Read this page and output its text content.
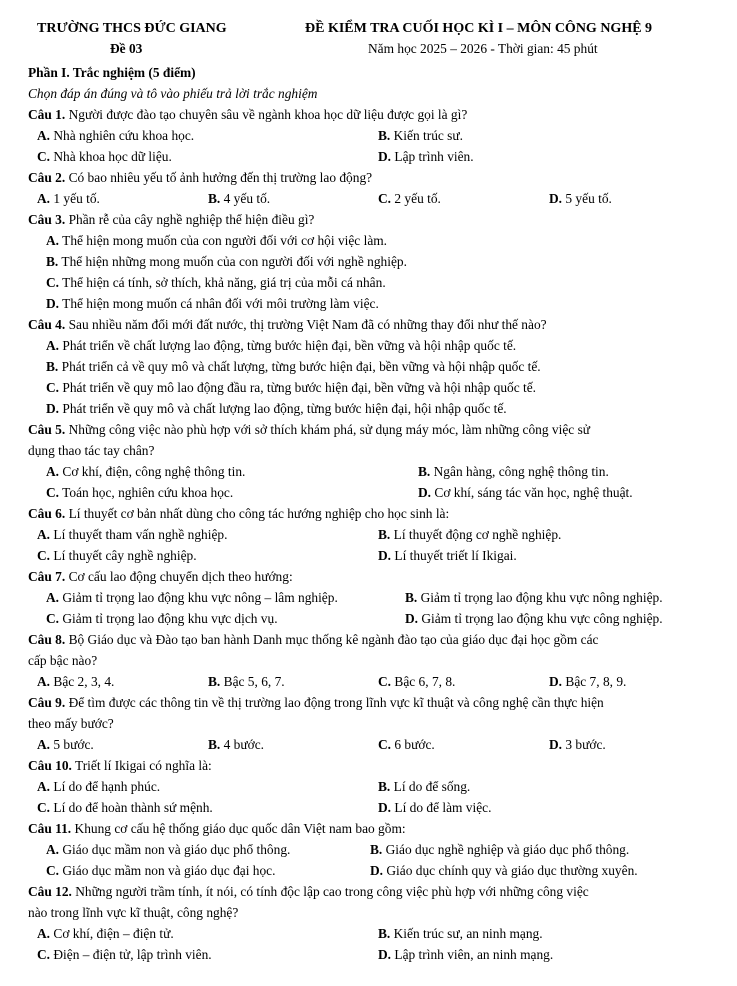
TRƯỜNG THCS ĐỨC GIANG	ĐỀ KIỂM TRA CUỐI HỌC KÌ I – MÔN CÔNG NGHỆ 9
Đề 03	Năm học 2025 – 2026 - Thời gian: 45 phút
Phần I. Trắc nghiệm (5 điểm)
Chọn đáp án đúng và tô vào phiếu trả lời trắc nghiệm
Câu 1. Người được đào tạo chuyên sâu về ngành khoa học dữ liệu được gọi là gì?
A. Nhà nghiên cứu khoa học.	B. Kiến trúc sư.
C. Nhà khoa học dữ liệu.	D. Lập trình viên.
Câu 2. Có bao nhiêu yếu tố ảnh hưởng đến thị trường lao động?
A. 1 yếu tố.	B. 4 yếu tố.	C. 2 yếu tố.	D. 5 yếu tố.
Câu 3. Phần rễ của cây nghề nghiệp thể hiện điều gì?
A. Thể hiện mong muốn của con người đối với cơ hội việc làm.
B. Thể hiện những mong muốn của con người đối với nghề nghiệp.
C. Thể hiện cá tính, sở thích, khả năng, giá trị của mỗi cá nhân.
D. Thể hiện mong muốn cá nhân đối với môi trường làm việc.
Câu 4. Sau nhiều năm đổi mới đất nước, thị trường Việt Nam đã có những thay đổi như thế nào?
A. Phát triển về chất lượng lao động, từng bước hiện đại, bền vững và hội nhập quốc tế.
B. Phát triển cả về quy mô và chất lượng, từng bước hiện đại, bền vững và hội nhập quốc tế.
C. Phát triển về quy mô lao động đầu ra, từng bước hiện đại, bền vững và hội nhập quốc tế.
D. Phát triển về quy mô và chất lượng lao động, từng bước hiện đại, hội nhập quốc tế.
Câu 5. Những công việc nào phù hợp với sở thích khám phá, sử dụng máy móc, làm những công việc sử
dụng thao tác tay chân?
A. Cơ khí, điện, công nghệ thông tin.	B. Ngân hàng, công nghệ thông tin.
C. Toán học, nghiên cứu khoa học.	D. Cơ khí, sáng tác văn học, nghệ thuật.
Câu 6. Lí thuyết cơ bản nhất dùng cho công tác hướng nghiệp cho học sinh là:
A. Lí thuyết tham vấn nghề nghiệp.	B. Lí thuyết động cơ nghề nghiệp.
C. Lí thuyết cây nghề nghiệp.	D. Lí thuyết triết lí Ikigai.
Câu 7. Cơ cấu lao động chuyển dịch theo hướng:
A. Giảm tỉ trọng lao động khu vực nông – lâm nghiệp.	B. Giảm tỉ trọng lao động khu vực nông nghiệp.
C. Giảm tỉ trọng lao động khu vực dịch vụ.	D. Giảm tỉ trọng lao động khu vực công nghiệp.
Câu 8. Bộ Giáo dục và Đào tạo ban hành Danh mục thống kê ngành đào tạo của giáo dục đại học gồm các
cấp bậc nào?
A. Bậc 2, 3, 4.	B. Bậc 5, 6, 7.	C. Bậc 6, 7, 8.	D. Bậc 7, 8, 9.
Câu 9. Để tìm được các thông tin về thị trường lao động trong lĩnh vực kĩ thuật và công nghệ cần thực hiện
theo mấy bước?
A. 5 bước.	B. 4 bước.	C. 6 bước.	D. 3 bước.
Câu 10. Triết lí Ikigai có nghĩa là:
A. Lí do để hạnh phúc.	B. Lí do để sống.
C. Lí do để hoàn thành sứ mệnh.	D. Lí do để làm việc.
Câu 11. Khung cơ cấu hệ thống giáo dục quốc dân Việt nam bao gồm:
A. Giáo dục mầm non và giáo dục phổ thông.	B. Giáo dục nghề nghiệp và giáo dục phổ thông.
C. Giáo dục mầm non và giáo dục đại học.	D. Giáo dục chính quy và giáo dục thường xuyên.
Câu 12. Những người trầm tính, ít nói, có tính độc lập cao trong công việc phù hợp với những công việc
nào trong lĩnh vực kĩ thuật, công nghệ?
A. Cơ khí, điện – điện tử.	B. Kiến trúc sư, an ninh mạng.
C. Điện – điện tử, lập trình viên.	D. Lập trình viên, an ninh mạng.
